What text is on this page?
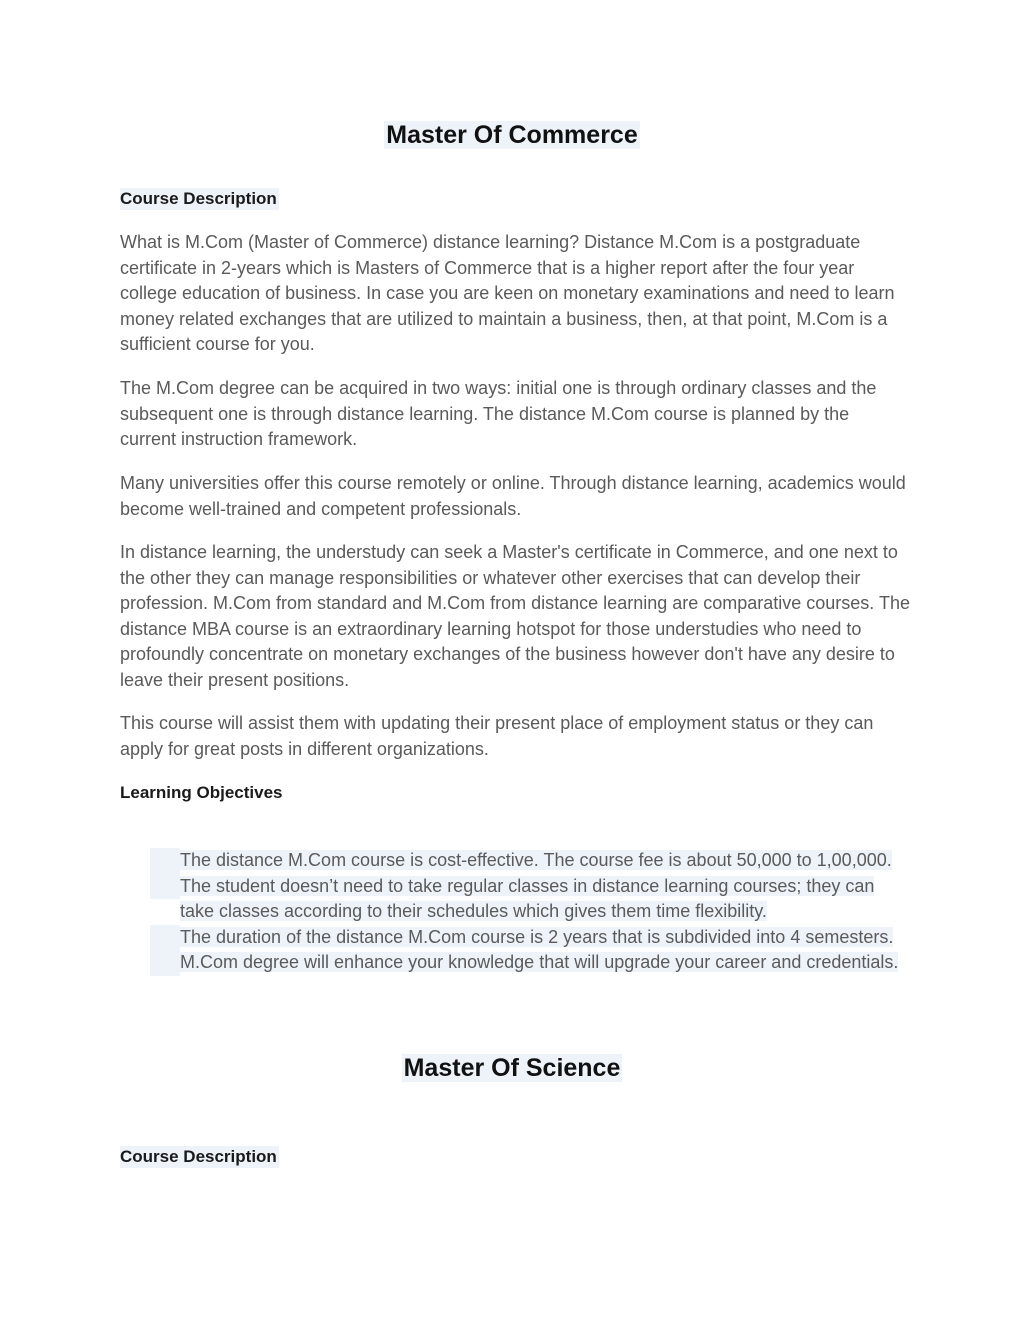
Master Of Commerce
Course Description

What is M.Com (Master of Commerce) distance learning? Distance M.Com is a postgraduate certificate in 2-years which is Masters of Commerce that is a higher report after the four year college education of business. In case you are keen on monetary examinations and need to learn money related exchanges that are utilized to maintain a business, then, at that point, M.Com is a sufficient course for you.

The M.Com degree can be acquired in two ways: initial one is through ordinary classes and the subsequent one is through distance learning. The distance M.Com course is planned by the current instruction framework.

Many universities offer this course remotely or online. Through distance learning, academics would become well-trained and competent professionals.

In distance learning, the understudy can seek a Master's certificate in Commerce, and one next to the other they can manage responsibilities or whatever other exercises that can develop their profession. M.Com from standard and M.Com from distance learning are comparative courses. The distance MBA course is an extraordinary learning hotspot for those understudies who need to profoundly concentrate on monetary exchanges of the business however don't have any desire to leave their present positions.

This course will assist them with updating their present place of employment status or they can apply for great posts in different organizations.

Learning Objectives
The distance M.Com course is cost-effective. The course fee is about 50,000 to 1,00,000.
The student doesn’t need to take regular classes in distance learning courses; they can take classes according to their schedules which gives them time flexibility.
The duration of the distance M.Com course is 2 years that is subdivided into 4 semesters.
M.Com degree will enhance your knowledge that will upgrade your career and credentials.
Master Of Science
Course Description
